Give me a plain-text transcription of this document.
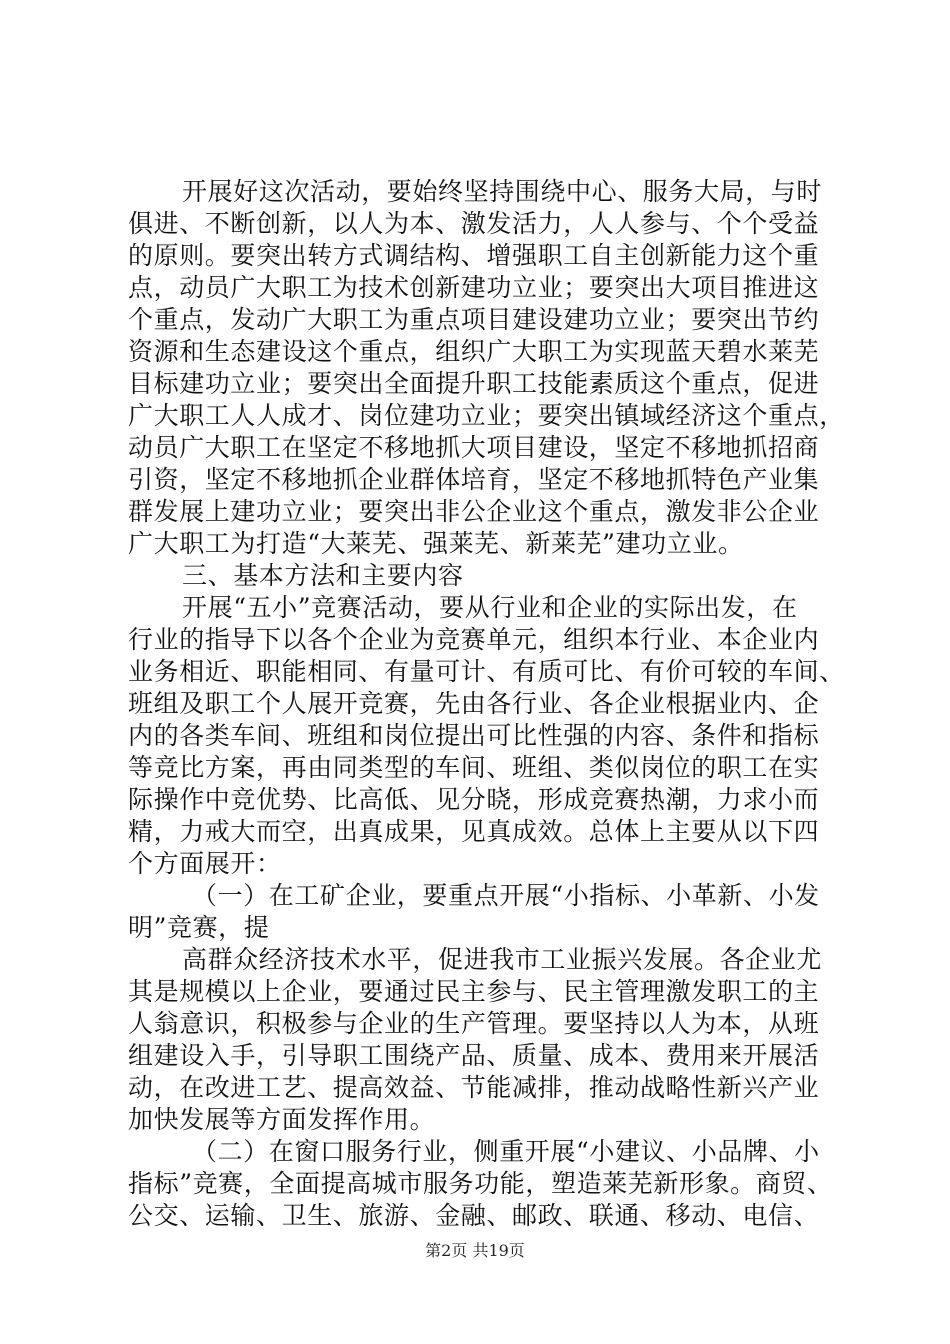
开展好这次活动，要始终坚持围绕中心、服务大局，与时
俱进、不断创新，以人为本、激发活力，人人参与、个个受益
的原则。要突出转方式调结构、增强职工自主创新能力这个重
点，动员广大职工为技术创新建功立业；要突出大项目推进这
个重点，发动广大职工为重点项目建设建功立业；要突出节约
资源和生态建设这个重点，组织广大职工为实现蓝天碧水莱芜
目标建功立业；要突出全面提升职工技能素质这个重点，促进
广大职工人人成才、岗位建功立业；要突出镇域经济这个重点，
动员广大职工在坚定不移地抓大项目建设，坚定不移地抓招商
引资，坚定不移地抓企业群体培育，坚定不移地抓特色产业集
群发展上建功立业；要突出非公企业这个重点，激发非公企业
广大职工为打造“大莱芜、强莱芜、新莱芜”建功立业。
三、基本方法和主要内容
开展“五小”竞赛活动，要从行业和企业的实际出发，在
行业的指导下以各个企业为竞赛单元，组织本行业、本企业内
业务相近、职能相同、有量可计、有质可比、有价可较的车间、
班组及职工个人展开竞赛，先由各行业、各企业根据业内、企
内的各类车间、班组和岗位提出可比性强的内容、条件和指标
等竞比方案，再由同类型的车间、班组、类似岗位的职工在实
际操作中竞优势、比高低、见分晓，形成竞赛热潮，力求小而
精，力戒大而空，出真成果，见真成效。总体上主要从以下四
个方面展开：
（一）在工矿企业，要重点开展“小指标、小革新、小发
明”竞赛，提
高群众经济技术水平，促进我市工业振兴发展。各企业尤
其是规模以上企业，要通过民主参与、民主管理激发职工的主
人翁意识，积极参与企业的生产管理。要坚持以人为本，从班
组建设入手，引导职工围绕产品、质量、成本、费用来开展活
动，在改进工艺、提高效益、节能减排，推动战略性新兴产业
加快发展等方面发挥作用。
（二）在窗口服务行业，侧重开展“小建议、小品牌、小
指标”竞赛，全面提高城市服务功能，塑造莱芜新形象。商贸、
公交、运输、卫生、旅游、金融、邮政、联通、移动、电信、
第2页 共19页
